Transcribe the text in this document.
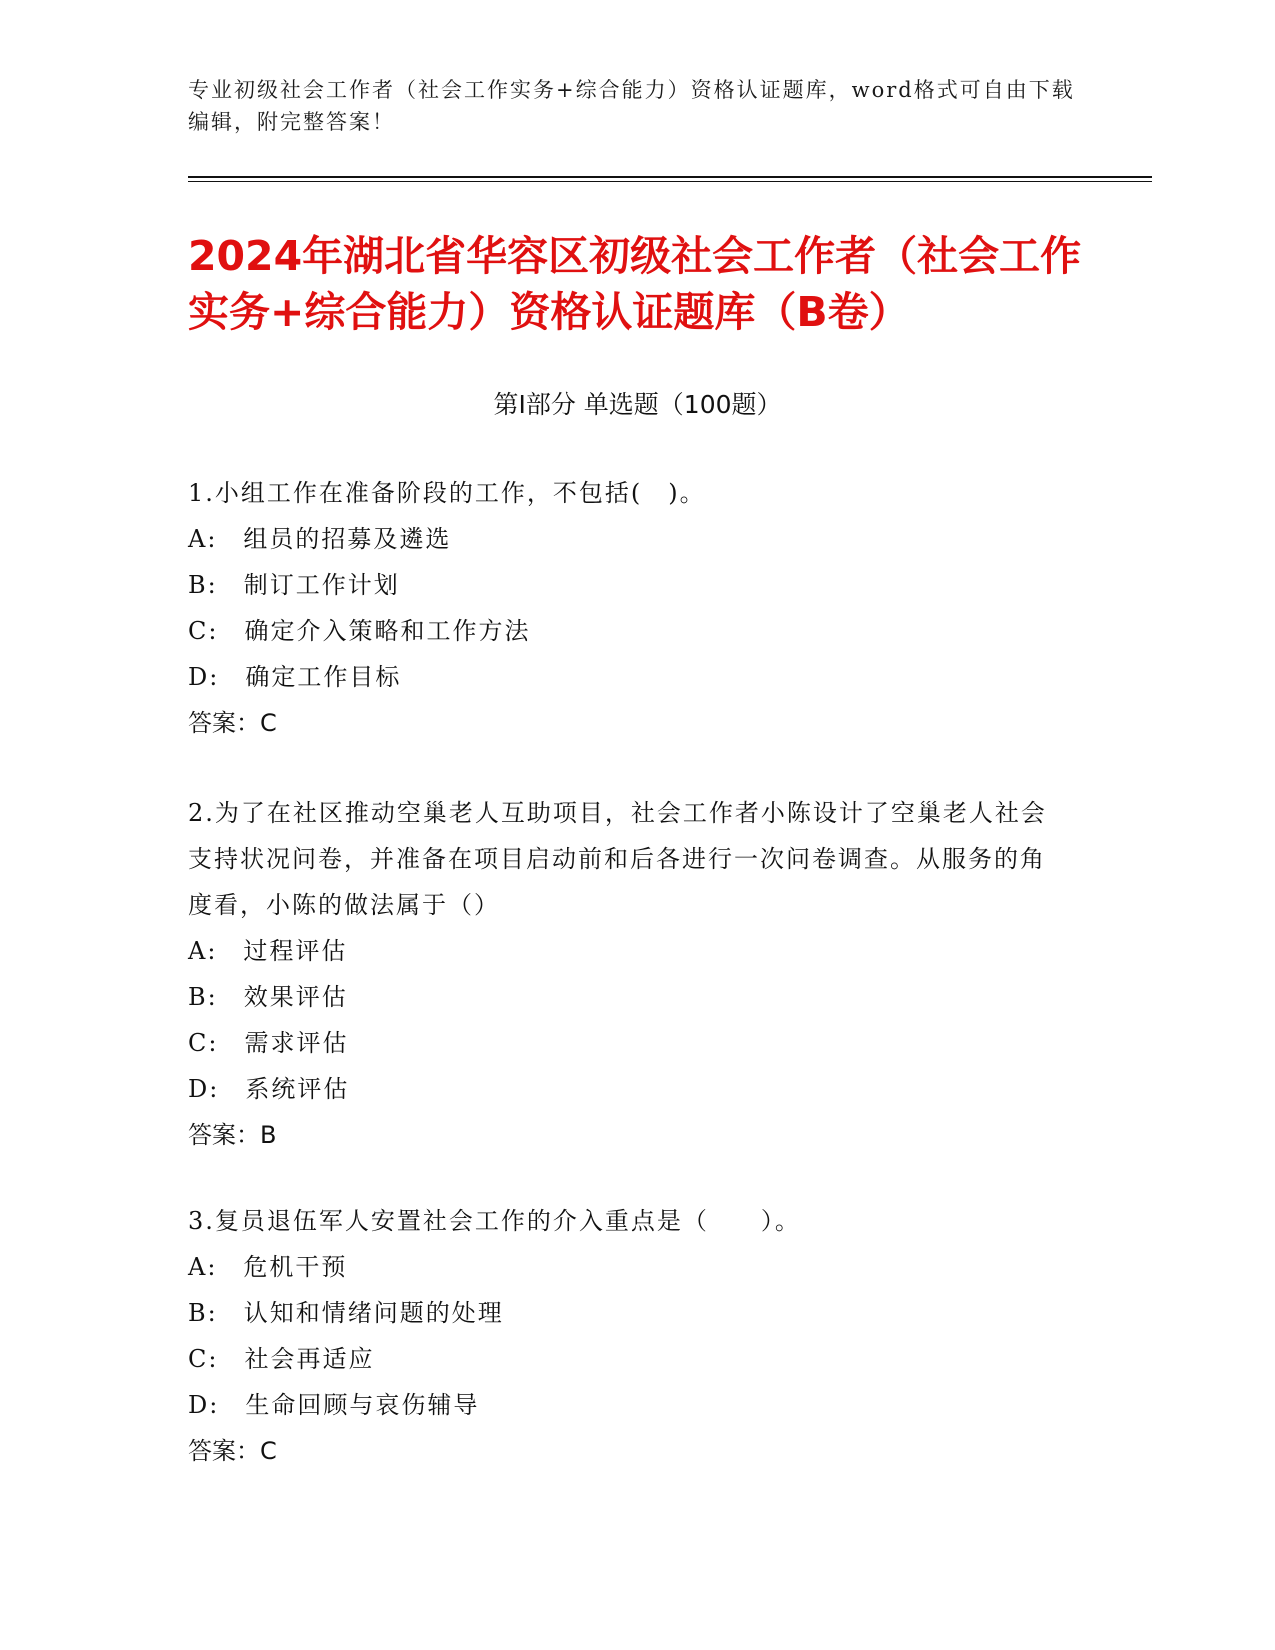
专业初级社会工作者（社会工作实务+综合能力）资格认证题库，word格式可自由下载编辑，附完整答案！
2024年湖北省华容区初级社会工作者（社会工作实务+综合能力）资格认证题库（B卷）
第I部分 单选题（100题）

1.小组工作在准备阶段的工作，不包括(　)。

A:　组员的招募及遴选

B:　制订工作计划

C:　确定介入策略和工作方法

D:　确定工作目标

答案：C

2.为了在社区推动空巢老人互助项目，社会工作者小陈设计了空巢老人社会支持状况问卷，并准备在项目启动前和后各进行一次问卷调查。从服务的角度看，小陈的做法属于（）

A:　过程评估

B:　效果评估

C:　需求评估

D:　系统评估

答案：B

3.复员退伍军人安置社会工作的介入重点是（　　）。

A:　危机干预

B:　认知和情绪问题的处理

C:　社会再适应

D:　生命回顾与哀伤辅导

答案：C
